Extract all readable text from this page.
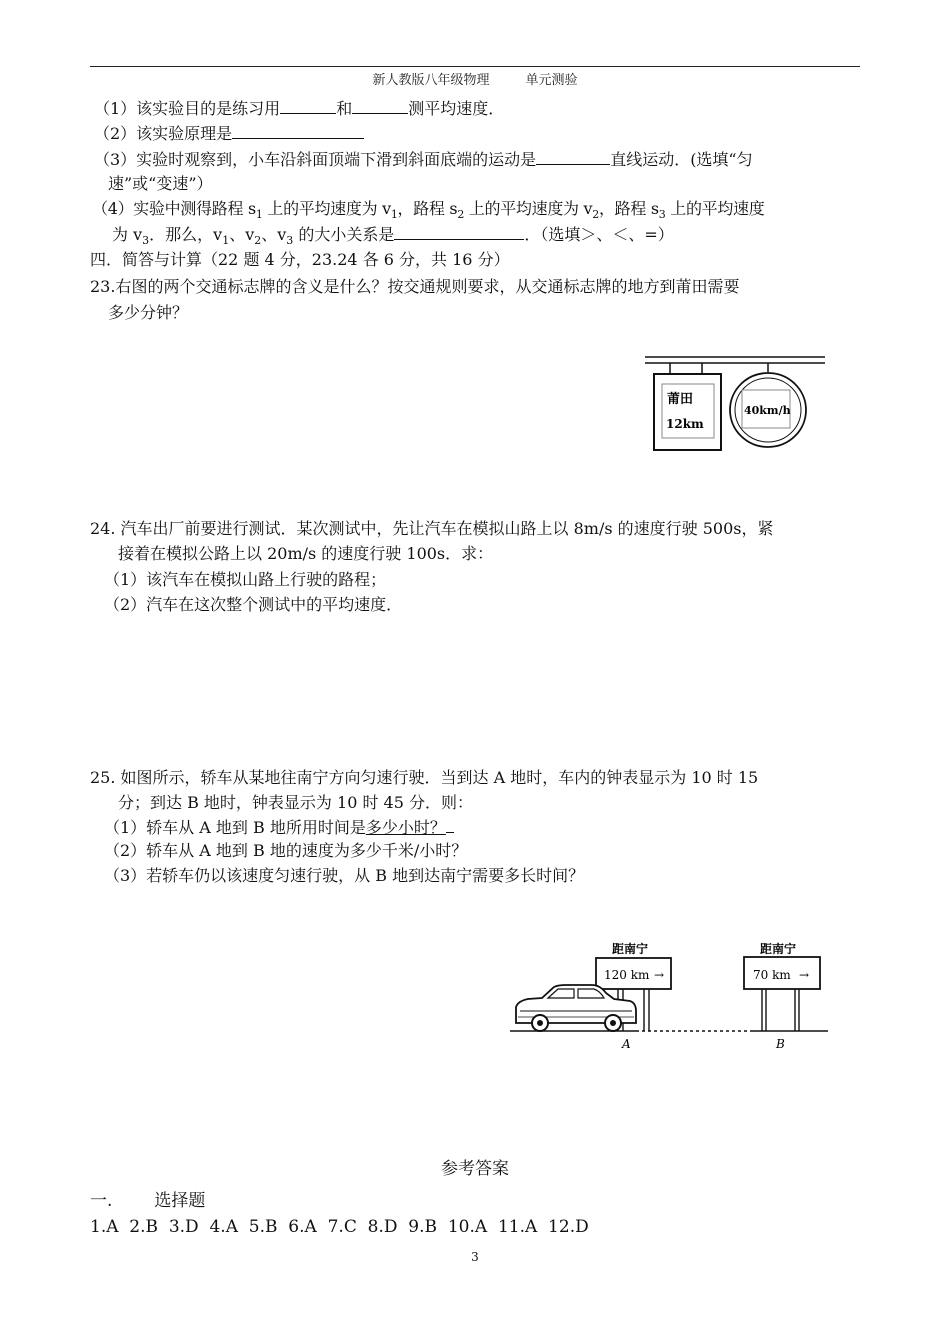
新人教版八年级物理	单元测验
（1）该实验目的是练习用	和	测平均速度．
（2）该实验原理是
（3）实验时观察到，小车沿斜面顶端下滑到斜面底端的运动是	直线运动．(选填“匀
速”或“变速”）
（4）实验中测得路程 $s_1$ 上的平均速度为 $v_1$，路程 $s_2$ 上的平均速度为 $v_2$，路程 $s_3$ 上的平均速度
为 $v_3$．那么，$v_1$、$v_2$、$v_3$ 的大小关系是	．（选填＞、＜、=）
四．简答与计算（22 题 4 分，23.24 各 6 分，共 16 分）
23.右图的两个交通标志牌的含义是什么？按交通规则要求，从交通标志牌的地方到莆田需要
多少分钟？
莆田
12km
40km/h
24. 汽车出厂前要进行测试．某次测试中，先让汽车在模拟山路上以 8m/s 的速度行驶 500s，紧
接着在模拟公路上以 20m/s 的速度行驶 100s．求：
（1）该汽车在模拟山路上行驶的路程；
（2）汽车在这次整个测试中的平均速度．
25. 如图所示，轿车从某地往南宁方向匀速行驶．当到达 A 地时，车内的钟表显示为 10 时 15
分；到达 B 地时，钟表显示为 10 时 45 分．则：
（1）轿车从 A 地到 B 地所用时间是多少小时？
（2）轿车从 A 地到 B 地的速度为多少千米/小时？
（3）若轿车仍以该速度匀速行驶，从 B 地到达南宁需要多长时间？
距南宁
120 km →
距南宁
70 km →
A	B
参考答案
一. 选择题
1.A  2.B  3.D  4.A  5.B  6.A  7.C  8.D  9.B  10.A  11.A  12.D
3
